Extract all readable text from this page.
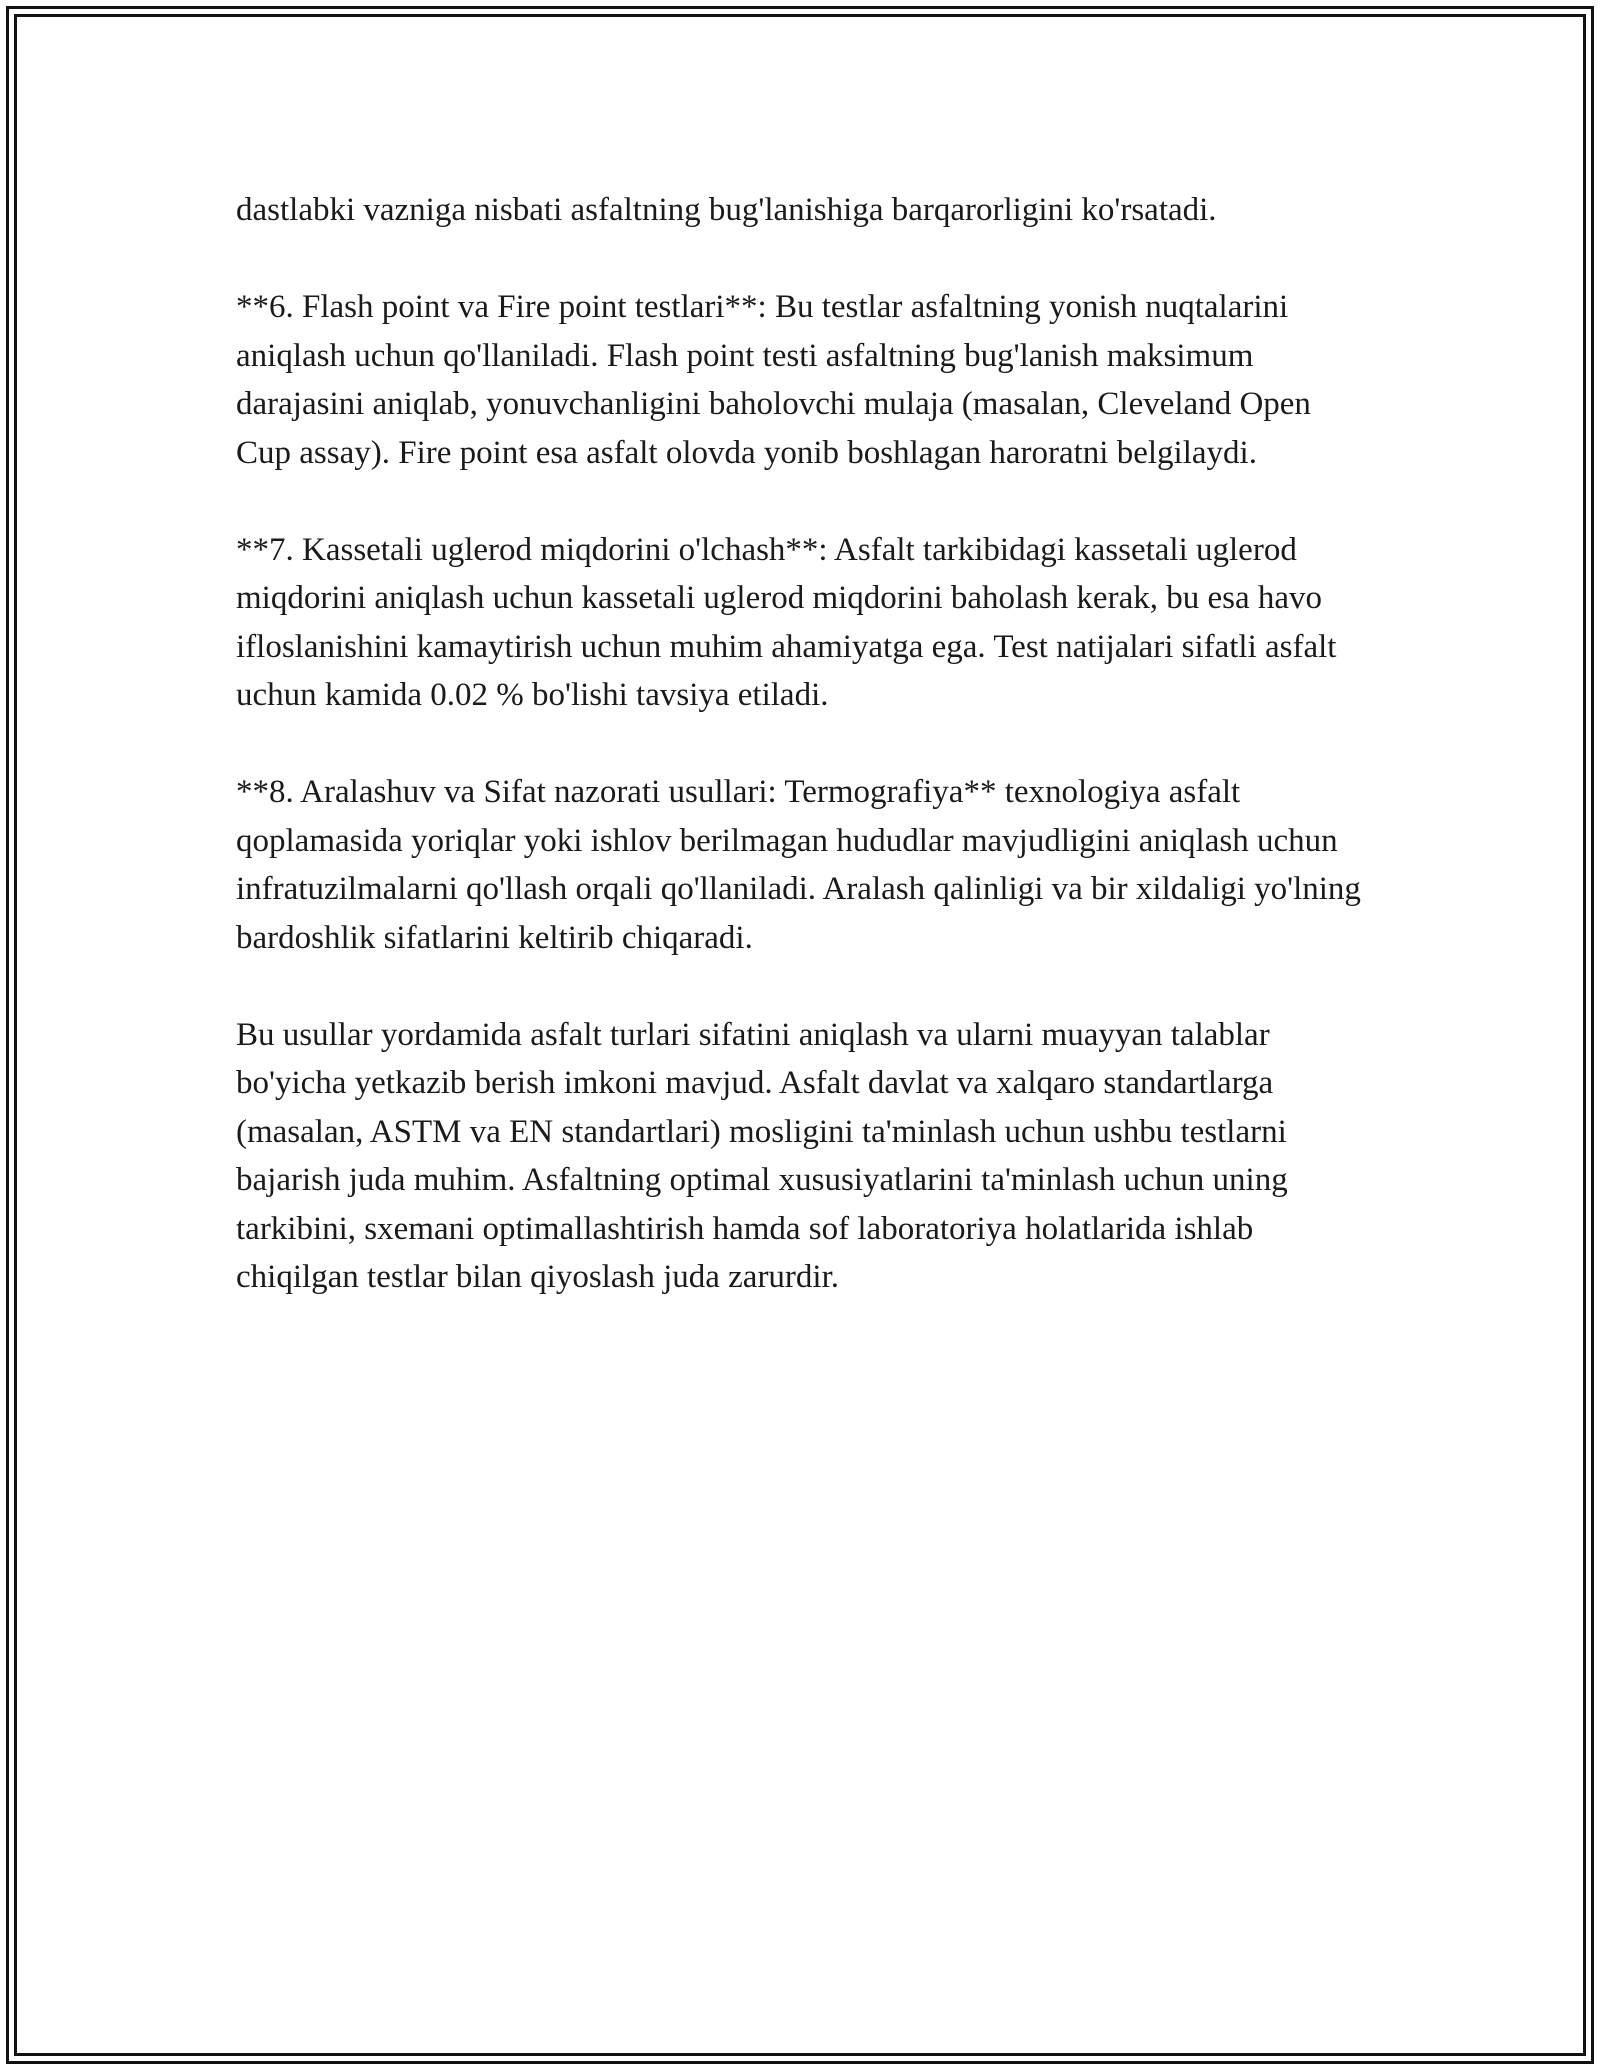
dastlabki vazniga nisbati asfaltning bug'lanishiga barqarorligini ko'rsatadi.

**6. Flash point va Fire point testlari**: Bu testlar asfaltning yonish nuqtalarini aniqlash uchun qo'llaniladi. Flash point testi asfaltning bug'lanish maksimum darajasini aniqlab, yonuvchanligini baholovchi mulaja (masalan, Cleveland Open Cup assay). Fire point esa asfalt olovda yonib boshlagan haroratni belgilaydi.

**7. Kassetali uglerod miqdorini o'lchash**: Asfalt tarkibidagi kassetali uglerod miqdorini aniqlash uchun kassetali uglerod miqdorini baholash kerak, bu esa havo ifloslanishini kamaytirish uchun muhim ahamiyatga ega. Test natijalari sifatli asfalt uchun kamida 0.02 % bo'lishi tavsiya etiladi.

**8. Aralashuv va Sifat nazorati usullari: Termografiya** texnologiya asfalt qoplamasida yoriqlar yoki ishlov berilmagan hududlar mavjudligini aniqlash uchun infratuzilmalarni qo'llash orqali qo'llaniladi. Aralash qalinligi va bir xildaligi yo'lning bardoshlik sifatlarini keltirib chiqaradi.

Bu usullar yordamida asfalt turlari sifatini aniqlash va ularni muayyan talablar bo'yicha yetkazib berish imkoni mavjud. Asfalt davlat va xalqaro standartlarga (masalan, ASTM va EN standartlari) mosligini ta'minlash uchun ushbu testlarni bajarish juda muhim. Asfaltning optimal xususiyatlarini ta'minlash uchun uning tarkibini, sxemani optimallashtirish hamda sof laboratoriya holatlarida ishlab chiqilgan testlar bilan qiyoslash juda zarurdir.
